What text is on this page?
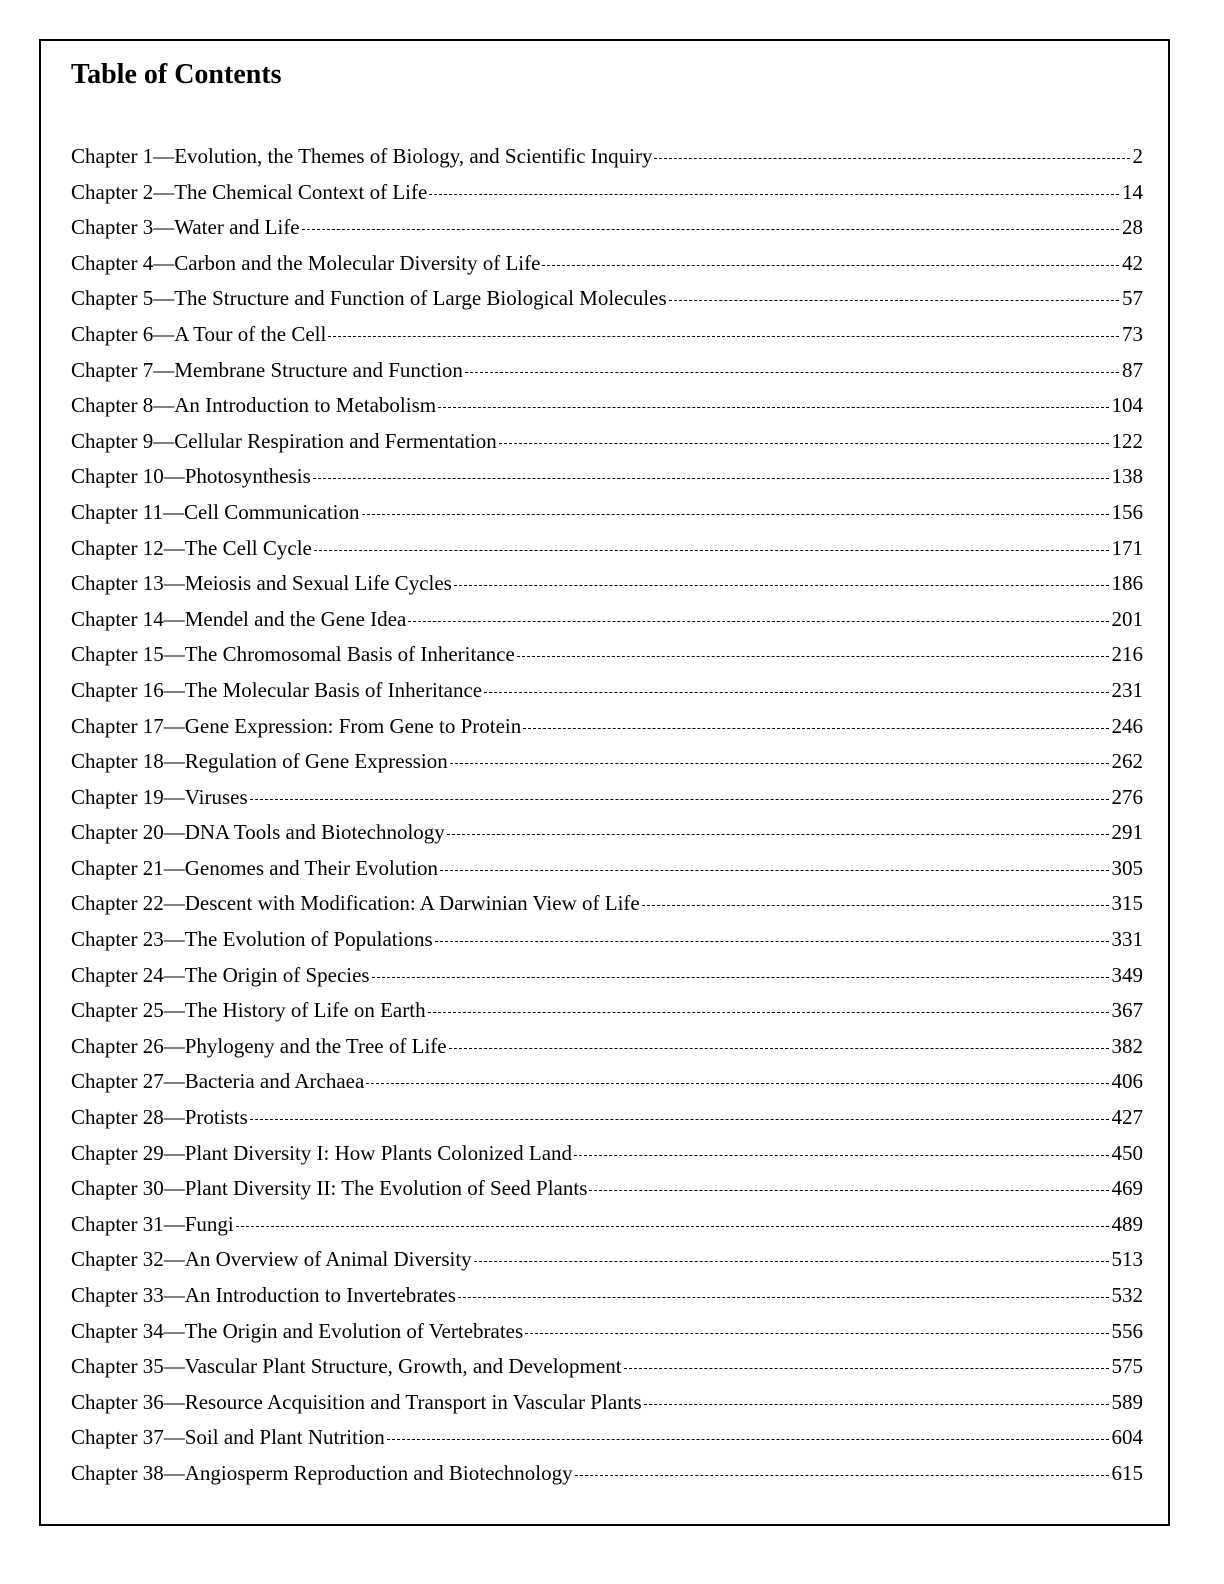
Table of Contents
Chapter 1—Evolution, the Themes of Biology, and Scientific Inquiry	2
Chapter 2—The Chemical Context of Life	14
Chapter 3—Water and Life	28
Chapter 4—Carbon and the Molecular Diversity of Life	42
Chapter 5—The Structure and Function of Large Biological Molecules	57
Chapter 6—A Tour of the Cell	73
Chapter 7—Membrane Structure and Function	87
Chapter 8—An Introduction to Metabolism	104
Chapter 9—Cellular Respiration and Fermentation	122
Chapter 10—Photosynthesis	138
Chapter 11—Cell Communication	156
Chapter 12—The Cell Cycle	171
Chapter 13—Meiosis and Sexual Life Cycles	186
Chapter 14—Mendel and the Gene Idea	201
Chapter 15—The Chromosomal Basis of Inheritance	216
Chapter 16—The Molecular Basis of Inheritance	231
Chapter 17—Gene Expression: From Gene to Protein	246
Chapter 18—Regulation of Gene Expression	262
Chapter 19—Viruses	276
Chapter 20—DNA Tools and Biotechnology	291
Chapter 21—Genomes and Their Evolution	305
Chapter 22—Descent with Modification: A Darwinian View of Life	315
Chapter 23—The Evolution of Populations	331
Chapter 24—The Origin of Species	349
Chapter 25—The History of Life on Earth	367
Chapter 26—Phylogeny and the Tree of Life	382
Chapter 27—Bacteria and Archaea	406
Chapter 28—Protists	427
Chapter 29—Plant Diversity I: How Plants Colonized Land	450
Chapter 30—Plant Diversity II: The Evolution of Seed Plants	469
Chapter 31—Fungi	489
Chapter 32—An Overview of Animal Diversity	513
Chapter 33—An Introduction to Invertebrates	532
Chapter 34—The Origin and Evolution of Vertebrates	556
Chapter 35—Vascular Plant Structure, Growth, and Development	575
Chapter 36—Resource Acquisition and Transport in Vascular Plants	589
Chapter 37—Soil and Plant Nutrition	604
Chapter 38—Angiosperm Reproduction and Biotechnology	615
